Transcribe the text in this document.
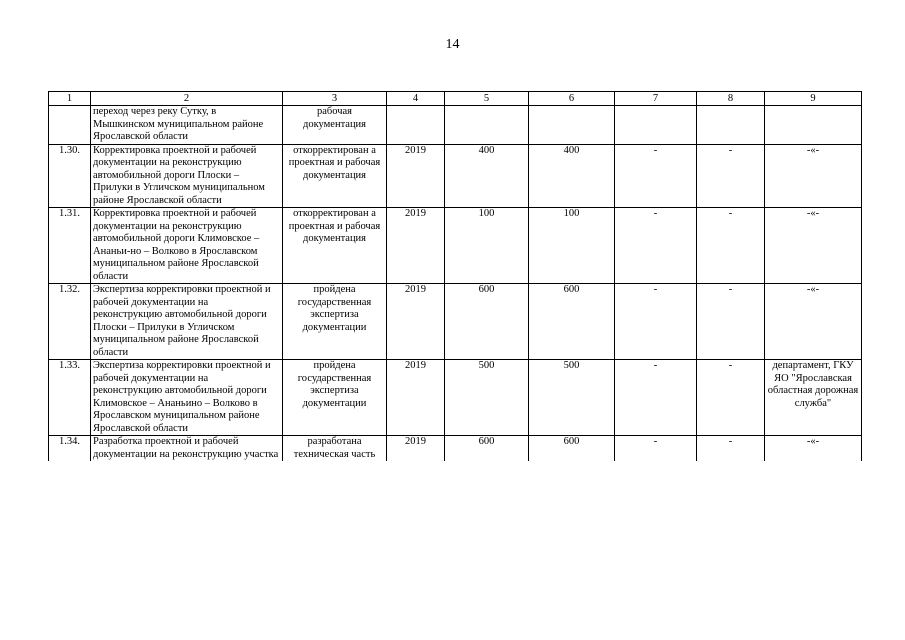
14
1	2	3	4	5	6	7	8	9
	переход через реку Сутку, в Мышкинском муниципальном районе Ярославской области	рабочая документация						
1.30.	Корректировка проектной и рабочей документации на реконструкцию автомобильной дороги Плоски – Прилуки в Угличском муниципальном районе Ярославской области	откорректирован а проектная и рабочая документация	2019	400	400	-	-	-«-
1.31.	Корректировка проектной и рабочей документации на реконструкцию автомобильной дороги Климовское – Ананьи-но – Волково в Ярославском муниципальном районе Ярославской области	откорректирован а проектная и рабочая документация	2019	100	100	-	-	-«-
1.32.	Экспертиза корректировки проектной и рабочей документации на реконструкцию автомобильной дороги Плоски – Прилуки в Угличском муниципальном районе Ярославской области	пройдена государственная экспертиза документации	2019	600	600	-	-	-«-
1.33.	Экспертиза корректировки проектной и рабочей документации на реконструкцию автомобильной дороги Климовское – Ананьино – Волково в Ярославском муниципальном районе Ярославской области	пройдена государственная экспертиза документации	2019	500	500	-	-	департамент, ГКУ ЯО "Ярославская областная дорожная служба"
1.34.	Разработка проектной и рабочей документации на реконструкцию участка	разработана техническая часть	2019	600	600	-	-	-«-
